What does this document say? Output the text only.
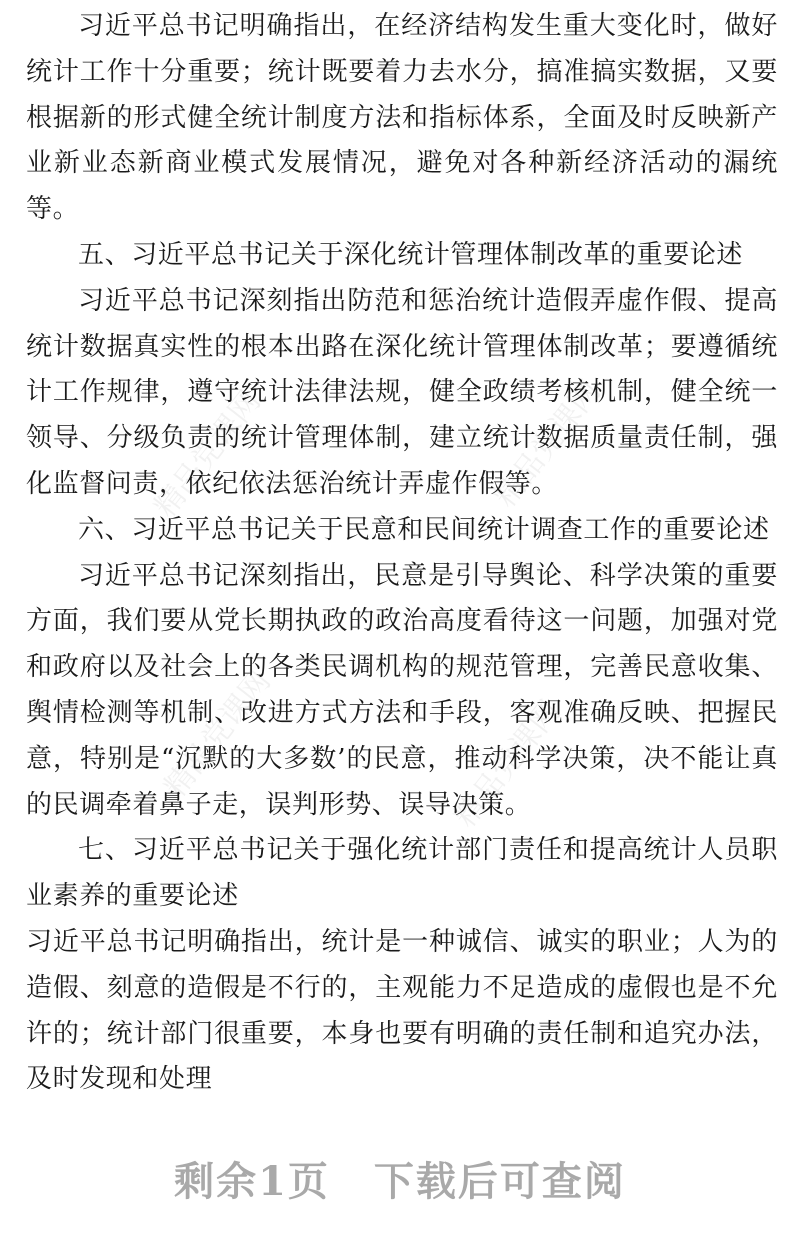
精品党课网	精品党课网
精品党课网	精品党课网

习近平总书记明确指出，在经济结构发生重大变化时，做好统计工作十分重要；统计既要着力去水分，搞准搞实数据，又要根据新的形式健全统计制度方法和指标体系，全面及时反映新产业新业态新商业模式发展情况，避免对各种新经济活动的漏统等。

五、习近平总书记关于深化统计管理体制改革的重要论述

习近平总书记深刻指出防范和惩治统计造假弄虚作假、提高统计数据真实性的根本出路在深化统计管理体制改革；要遵循统计工作规律，遵守统计法律法规，健全政绩考核机制，健全统一领导、分级负责的统计管理体制，建立统计数据质量责任制，强化监督问责，依纪依法惩治统计弄虚作假等。

六、习近平总书记关于民意和民间统计调查工作的重要论述

习近平总书记深刻指出，民意是引导舆论、科学决策的重要方面，我们要从党长期执政的政治高度看待这一问题，加强对党和政府以及社会上的各类民调机构的规范管理，完善民意收集、舆情检测等机制、改进方式方法和手段，客观准确反映、把握民意，特别是“沉默的大多数’的民意，推动科学决策，决不能让真的民调牵着鼻子走，误判形势、误导决策。

七、习近平总书记关于强化统计部门责任和提高统计人员职业素养的重要论述

习近平总书记明确指出，统计是一种诚信、诚实的职业；人为的造假、刻意的造假是不行的，主观能力不足造成的虚假也是不允许的；统计部门很重要，本身也要有明确的责任制和追究办法，及时发现和处理

剩余1页 下载后可查阅
